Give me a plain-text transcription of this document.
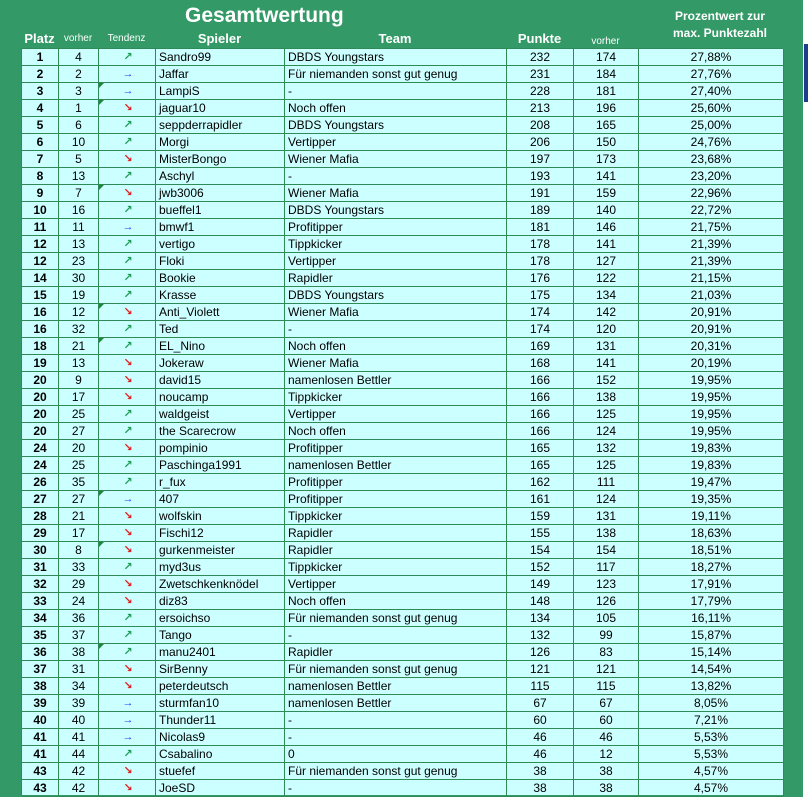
Gesamtwertung	Prozentwert zur
max. Punktezahl
Platz vorher	Tendenz	Spieler	Team	Punkte	vorher
1	4	↗ Sandro99	DBDS Youngstars	232	174	27,88%
2	2	→ Jaffar	Für niemanden sonst gut genug	231	184	27,76%
3	3	→ LampiS	-	228	181	27,40%
4	1	↘ jaguar10	Noch offen	213	196	25,60%
5	6	↗ seppderrapidler	DBDS Youngstars	208	165	25,00%
6	10	↗ Morgi	Vertipper	206	150	24,76%
7	5	↘ MisterBongo	Wiener Mafia	197	173	23,68%
8	13	↗ Aschyl	-	193	141	23,20%
9	7	↘ jwb3006	Wiener Mafia	191	159	22,96%
10	16	↗ bueffel1	DBDS Youngstars	189	140	22,72%
11	11	→ bmwf1	Profitipper	181	146	21,75%
12	13	↗ vertigo	Tippkicker	178	141	21,39%
12	23	↗ Floki	Vertipper	178	127	21,39%
14	30	↗ Bookie	Rapidler	176	122	21,15%
15	19	↗ Krasse	DBDS Youngstars	175	134	21,03%
16	12	↘ Anti_Violett	Wiener Mafia	174	142	20,91%
16	32	↗ Ted	-	174	120	20,91%
18	21	↗ EL_Nino	Noch offen	169	131	20,31%
19	13	↘ Jokeraw	Wiener Mafia	168	141	20,19%
20	9	↘ david15	namenlosen Bettler	166	152	19,95%
20	17	↘ noucamp	Tippkicker	166	138	19,95%
20	25	↗ waldgeist	Vertipper	166	125	19,95%
20	27	↗ the Scarecrow	Noch offen	166	124	19,95%
24	20	↘ pompinio	Profitipper	165	132	19,83%
24	25	↗ Paschinga1991	namenlosen Bettler	165	125	19,83%
26	35	↗ r_fux	Profitipper	162	111	19,47%
27	27	→ 407	Profitipper	161	124	19,35%
28	21	↘ wolfskin	Tippkicker	159	131	19,11%
29	17	↘ Fischi12	Rapidler	155	138	18,63%
30	8	↘ gurkenmeister	Rapidler	154	154	18,51%
31	33	↗ myd3us	Tippkicker	152	117	18,27%
32	29	↘ Zwetschkenknödel	Vertipper	149	123	17,91%
33	24	↘ diz83	Noch offen	148	126	17,79%
34	36	↗ ersoichso	Für niemanden sonst gut genug	134	105	16,11%
35	37	↗ Tango	-	132	99	15,87%
36	38	↗ manu2401	Rapidler	126	83	15,14%
37	31	↘ SirBenny	Für niemanden sonst gut genug	121	121	14,54%
38	34	↘ peterdeutsch	namenlosen Bettler	115	115	13,82%
39	39	→ sturmfan10	namenlosen Bettler	67	67	8,05%
40	40	→ Thunder11	-	60	60	7,21%
41	41	→ Nicolas9	-	46	46	5,53%
41	44	↗ Csabalino	0	46	12	5,53%
43	42	↘ stuefef	Für niemanden sonst gut genug	38	38	4,57%
43	42	↘ JoeSD	-	38	38	4,57%
